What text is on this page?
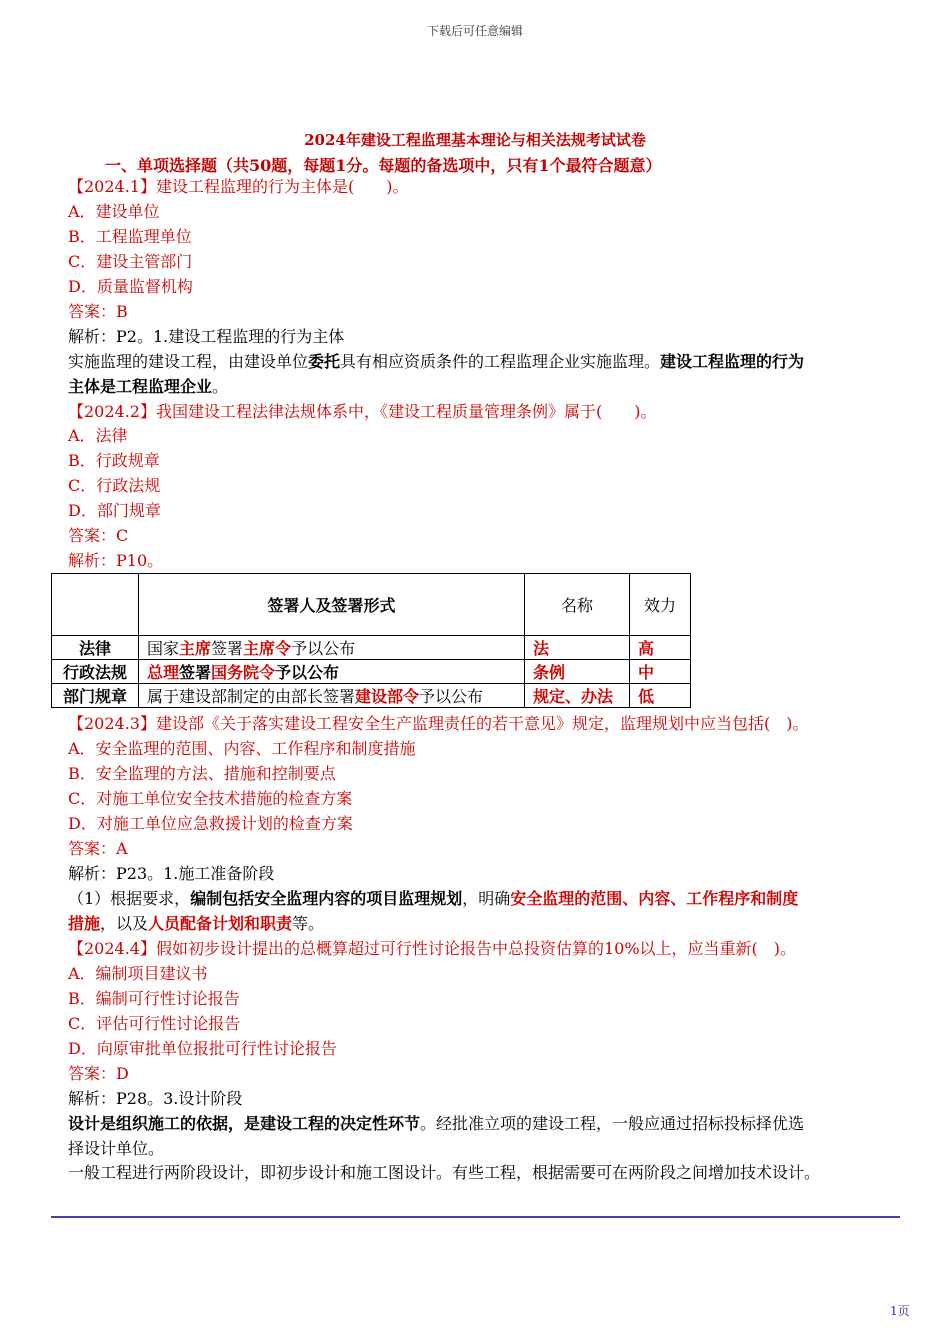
下载后可任意编辑
2024年建设工程监理基本理论与相关法规考试试卷
一、单项选择题（共50题，每题1分。每题的备选项中，只有1个最符合题意）
【2024.1】建设工程监理的行为主体是(　　)。
A．建设单位
B．工程监理单位
C．建设主管部门
D．质量监督机构
答案：B
解析：P2。1.建设工程监理的行为主体
实施监理的建设工程，由建设单位委托具有相应资质条件的工程监理企业实施监理。建设工程监理的行为
主体是工程监理企业。
【2024.2】我国建设工程法律法规体系中，《建设工程质量管理条例》属于(　　)。
A．法律
B．行政规章
C．行政法规
D．部门规章
答案：C
解析：P10。
	签署人及签署形式	名称	效力
法律	国家主席签署主席令予以公布	法	高
行政法规	总理签署国务院令予以公布	条例	中
部门规章	属于建设部制定的由部长签署建设部令予以公布	规定、办法	低
【2024.3】建设部《关于落实建设工程安全生产监理责任的若干意见》规定，监理规划中应当包括(　)。
A．安全监理的范围、内容、工作程序和制度措施
B．安全监理的方法、措施和控制要点
C．对施工单位安全技术措施的检查方案
D．对施工单位应急救援计划的检查方案
答案：A
解析：P23。1.施工准备阶段
（1）根据要求，编制包括安全监理内容的项目监理规划，明确安全监理的范围、内容、工作程序和制度
措施，以及人员配备计划和职责等。
【2024.4】假如初步设计提出的总概算超过可行性讨论报告中总投资估算的10%以上，应当重新(　)。
A．编制项目建议书
B．编制可行性讨论报告
C．评估可行性讨论报告
D．向原审批单位报批可行性讨论报告
答案：D
解析：P28。3.设计阶段
设计是组织施工的依据，是建设工程的决定性环节。经批准立项的建设工程，一般应通过招标投标择优选
择设计单位。
一般工程进行两阶段设计，即初步设计和施工图设计。有些工程，根据需要可在两阶段之间增加技术设计。
1页
